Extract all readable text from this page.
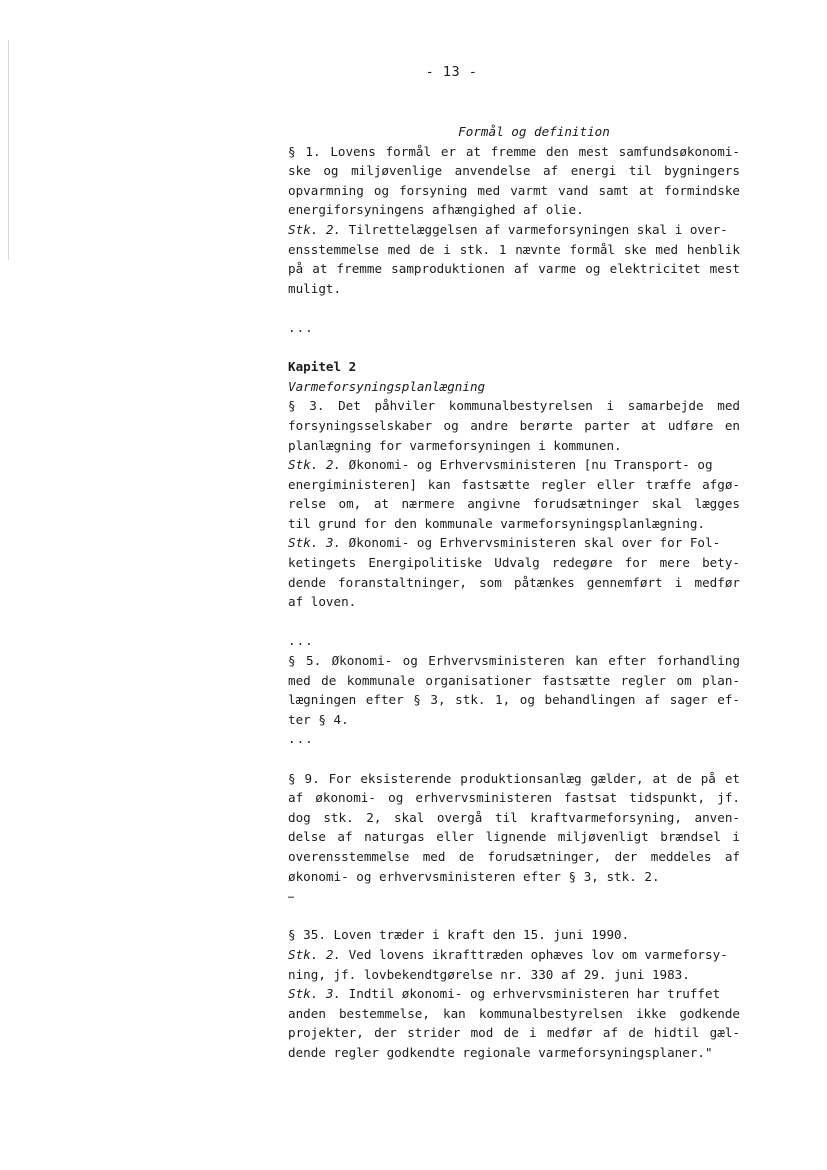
- 13 -
Formål og definition
§ 1. Lovens formål er at fremme den mest samfundsøkonomi-
ske og miljøvenlige anvendelse af energi til bygningers
opvarmning og forsyning med varmt vand samt at formindske
energiforsyningens afhængighed af olie.
Stk. 2. Tilrettelæggelsen af varmeforsyningen skal i over-
ensstemmelse med de i stk. 1 nævnte formål ske med henblik
på at fremme samproduktionen af varme og elektricitet mest
muligt.
...
Kapitel 2
Varmeforsyningsplanlægning
§ 3. Det påhviler kommunalbestyrelsen i samarbejde med
forsyningsselskaber og andre berørte parter at udføre en
planlægning for varmeforsyningen i kommunen.
Stk. 2. Økonomi- og Erhvervsministeren [nu Transport- og
energiministeren] kan fastsætte regler eller træffe afgø-
relse om, at nærmere angivne forudsætninger skal lægges
til grund for den kommunale varmeforsyningsplanlægning.
Stk. 3. Økonomi- og Erhvervsministeren skal over for Fol-
ketingets Energipolitiske Udvalg redegøre for mere bety-
dende foranstaltninger, som påtænkes gennemført i medfør
af loven.
...
§ 5. Økonomi- og Erhvervsministeren kan efter forhandling
med de kommunale organisationer fastsætte regler om plan-
lægningen efter § 3, stk. 1, og behandlingen af sager ef-
ter § 4.
...
§ 9. For eksisterende produktionsanlæg gælder, at de på et
af økonomi- og erhvervsministeren fastsat tidspunkt, jf.
dog stk. 2, skal overgå til kraftvarmeforsyning, anven-
delse af naturgas eller lignende miljøvenligt brændsel i
overensstemmelse med de forudsætninger, der meddeles af
økonomi- og erhvervsministeren efter § 3, stk. 2.
…
§ 35. Loven træder i kraft den 15. juni 1990.
Stk. 2. Ved lovens ikrafttræden ophæves lov om varmeforsy-
ning, jf. lovbekendtgørelse nr. 330 af 29. juni 1983.
Stk. 3. Indtil økonomi- og erhvervsministeren har truffet
anden bestemmelse, kan kommunalbestyrelsen ikke godkende
projekter, der strider mod de i medfør af de hidtil gæl-
dende regler godkendte regionale varmeforsyningsplaner."
